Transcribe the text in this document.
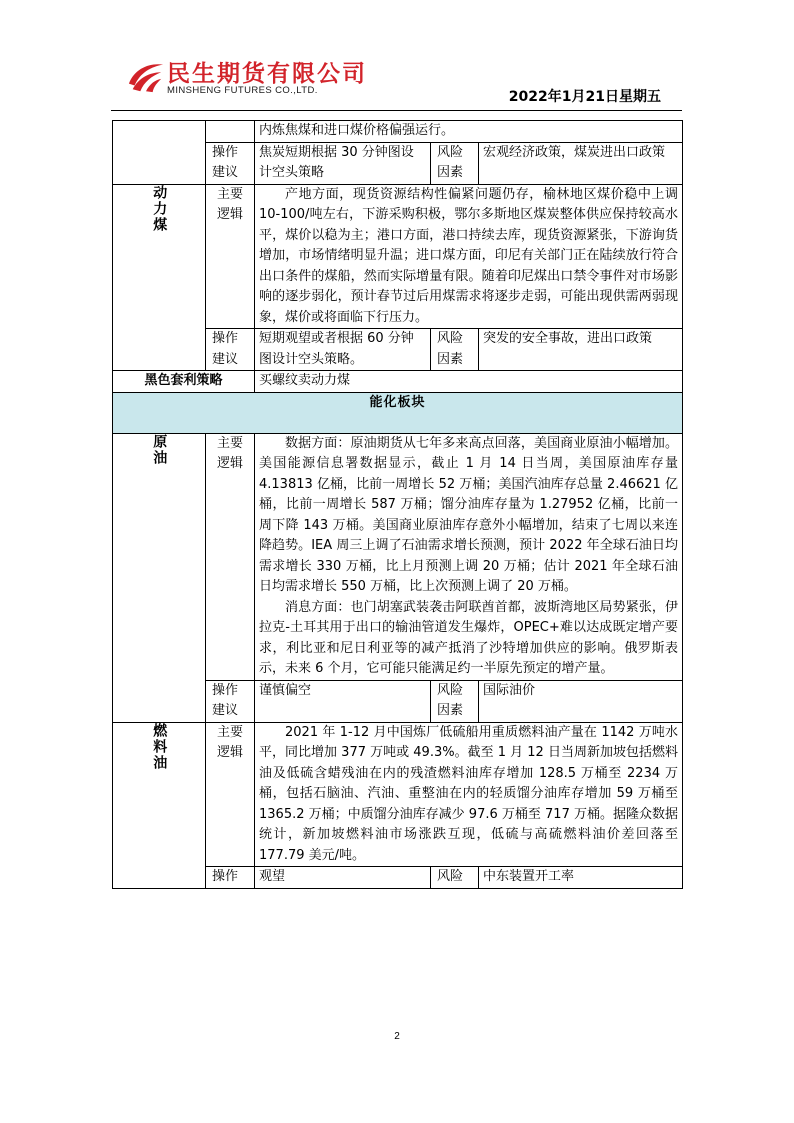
民生期货有限公司
MINSHENG FUTURES CO.,LTD.	2022年1月21日星期五
		内炼焦煤和进口煤价格偏强运行。		
	操作建议	焦炭短期根据 30 分钟图设计空头策略	风险因素	宏观经济政策，煤炭进出口政策

动力煤	主要逻辑	产地方面，现货资源结构性偏紧问题仍存，榆林地区煤价稳中上调 10-100/吨左右，下游采购积极，鄂尔多斯地区煤炭整体供应保持较高水平，煤价以稳为主；港口方面，港口持续去库，现货资源紧张，下游询货增加，市场情绪明显升温；进口煤方面，印尼有关部门正在陆续放行符合出口条件的煤船，然而实际增量有限。随着印尼煤出口禁令事件对市场影响的逐步弱化，预计春节过后用煤需求将逐步走弱，可能出现供需两弱现象，煤价或将面临下行压力。		

	操作建议	短期观望或者根据 60 分钟图设计空头策略。	风险因素	突发的安全事故，进出口政策
黑色套利策略		买螺纹卖动力煤		
能化板块				

原油	主要逻辑	数据方面：原油期货从七年多来高点回落，美国商业原油小幅增加。美国能源信息署数据显示，截止 1 月 14 日当周，美国原油库存量 4.13813 亿桶，比前一周增长 52 万桶；美国汽油库存总量 2.46621 亿桶，比前一周增长 587 万桶；馏分油库存量为 1.27952 亿桶，比前一周下降 143 万桶。美国商业原油库存意外小幅增加，结束了七周以来连降趋势。IEA 周三上调了石油需求增长预测，预计 2022 年全球石油日均需求增长 330 万桶，比上月预测上调 20 万桶；估计 2021 年全球石油日均需求增长 550 万桶，比上次预测上调了 20 万桶。
消息方面：也门胡塞武装袭击阿联酋首都，波斯湾地区局势紧张，伊拉克-土耳其用于出口的输油管道发生爆炸，OPEC+难以达成既定增产要求，利比亚和尼日利亚等的减产抵消了沙特增加供应的影响。俄罗斯表示，未来 6 个月，它可能只能满足约一半原先预定的增产量。		

	操作建议	谨慎偏空	风险因素	国际油价

燃料油	主要逻辑	2021 年 1-12 月中国炼厂低硫船用重质燃料油产量在 1142 万吨水平，同比增加 377 万吨或 49.3%。截至 1 月 12 日当周新加坡包括燃料油及低硫含蜡残油在内的残渣燃料油库存增加 128.5 万桶至 2234 万桶，包括石脑油、汽油、重整油在内的轻质馏分油库存增加 59 万桶至 1365.2 万桶；中质馏分油库存减少 97.6 万桶至 717 万桶。据隆众数据统计，新加坡燃料油市场涨跌互现，低硫与高硫燃料油价差回落至 177.79 美元/吨。		

	操作	观望	风险	中东装置开工率
2
